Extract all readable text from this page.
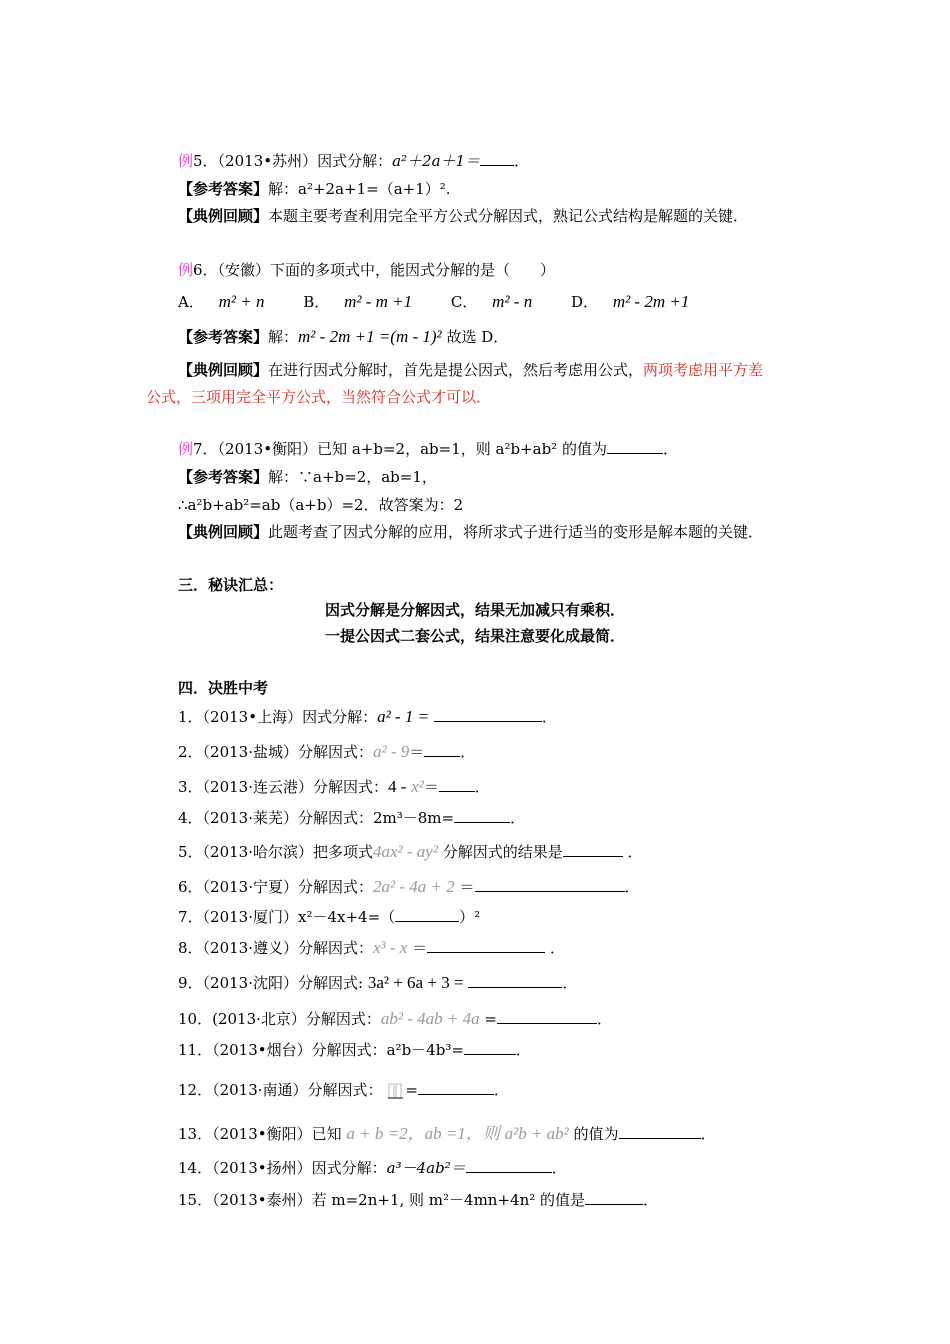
例5．（2013•苏州）因式分解：a²＋2a＋1＝ ．
【参考答案】解：a²+2a+1=（a+1）².
【典例回顾】本题主要考查利用完全平方公式分解因式，熟记公式结构是解题的关键．
例6．（安徽）下面的多项式中，能因式分解的是（　　）
A． m² + n	B． m² - m +1	C． m² - n	D． m² - 2m +1
【参考答案】解：m² - 2m +1 =(m - 1)² 故选 D．
【典例回顾】在进行因式分解时，首先是提公因式，然后考虑用公式，两项考虑用平方差
公式，三项用完全平方公式，当然符合公式才可以．
例7．（2013•衡阳）已知 a+b=2，ab=1，则 a²b+ab² 的值为	．
【参考答案】解：∵a+b=2，ab=1，
∴a²b+ab²=ab（a+b）=2．故答案为：2
【典例回顾】此题考查了因式分解的应用，将所求式子进行适当的变形是解本题的关键．
三．秘诀汇总：
因式分解是分解因式，结果无加减只有乘积．
一提公因式二套公式，结果注意要化成最简．
四．决胜中考
1．（2013•上海）因式分解：a² - 1 =	．
2．（2013·盐城）分解因式：a² - 9＝ ．
3．（2013·连云港）分解因式：4 - x²＝ ．
4．（2013·莱芜）分解因式：2m³－8m=	．
5．（2013·哈尔滨）把多项式4ax² - ay² 分解因式的结果是	．
6．（2013·宁夏）分解因式：2a² - 4a + 2 ＝	．
7．（2013·厦门）x²－4x+4=（	）²
8．（2013·遵义）分解因式：x³ - x ＝	．
9．（2013·沈阳）分解因式: 3a² + 6a + 3 =	．
10．(2013·北京）分解因式：ab² - 4ab + 4a =	．
11．（2013•烟台）分解因式：a²b－4b³=	．
12．（2013·南通）分解因式： =	．
13．（2013•衡阳）已知 a + b =2，ab =1，则 a²b + ab² 的值为	．
14．（2013•扬州）因式分解：a³－4ab²＝	．
15．（2013•泰州）若 m=2n+1, 则 m²－4mn+4n² 的值是	．
